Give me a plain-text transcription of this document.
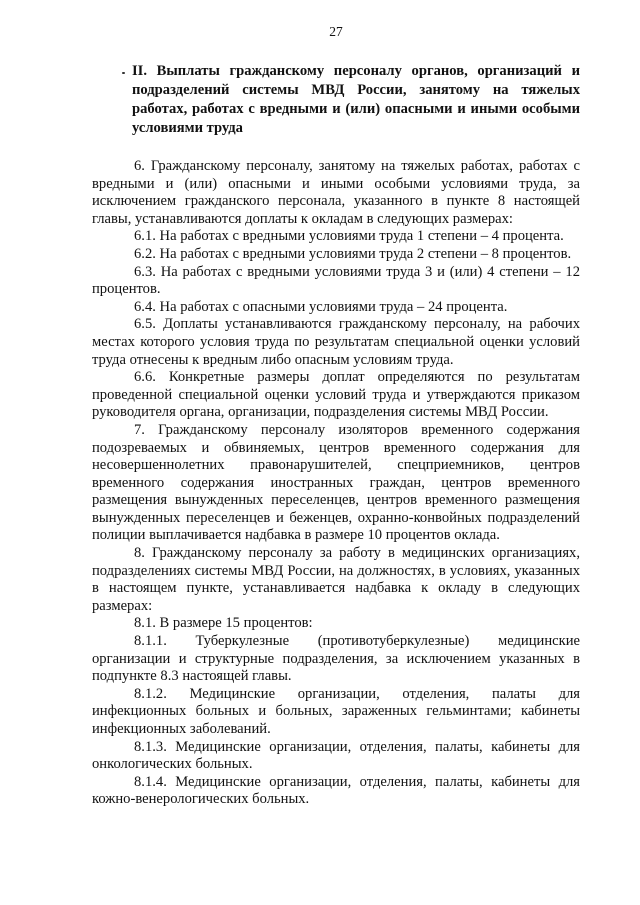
27
II. Выплаты гражданскому персоналу органов, организаций и подразделений системы МВД России, занятому на тяжелых работах, работах с вредными и (или) опасными и иными особыми условиями труда

6. Гражданскому персоналу, занятому на тяжелых работах, работах с вредными и (или) опасными и иными особыми условиями труда, за исключением гражданского персонала, указанного в пункте 8 настоящей главы, устанавливаются доплаты к окладам в следующих размерах:

6.1. На работах с вредными условиями труда 1 степени – 4 процента.

6.2. На работах с вредными условиями труда 2 степени – 8 процентов.

6.3. На работах с вредными условиями труда 3 и (или) 4 степени – 12 процентов.

6.4. На работах с опасными условиями труда – 24 процента.

6.5. Доплаты устанавливаются гражданскому персоналу, на рабочих местах которого условия труда по результатам специальной оценки условий труда отнесены к вредным либо опасным условиям труда.

6.6. Конкретные размеры доплат определяются по результатам проведенной специальной оценки условий труда и утверждаются приказом руководителя органа, организации, подразделения системы МВД России.

7. Гражданскому персоналу изоляторов временного содержания подозреваемых и обвиняемых, центров временного содержания для несовершеннолетних правонарушителей, спецприемников, центров временного содержания иностранных граждан, центров временного размещения вынужденных переселенцев, центров временного размещения вынужденных переселенцев и беженцев, охранно-конвойных подразделений полиции выплачивается надбавка в размере 10 процентов оклада.

8. Гражданскому персоналу за работу в медицинских организациях, подразделениях системы МВД России, на должностях, в условиях, указанных в настоящем пункте, устанавливается надбавка к окладу в следующих размерах:

8.1. В размере 15 процентов:

8.1.1. Туберкулезные (противотуберкулезные) медицинские организации и структурные подразделения, за исключением указанных в подпункте 8.3 настоящей главы.

8.1.2. Медицинские организации, отделения, палаты для инфекционных больных и больных, зараженных гельминтами; кабинеты инфекционных заболеваний.

8.1.3. Медицинские организации, отделения, палаты, кабинеты для онкологических больных.

8.1.4. Медицинские организации, отделения, палаты, кабинеты для кожно-венерологических больных.
